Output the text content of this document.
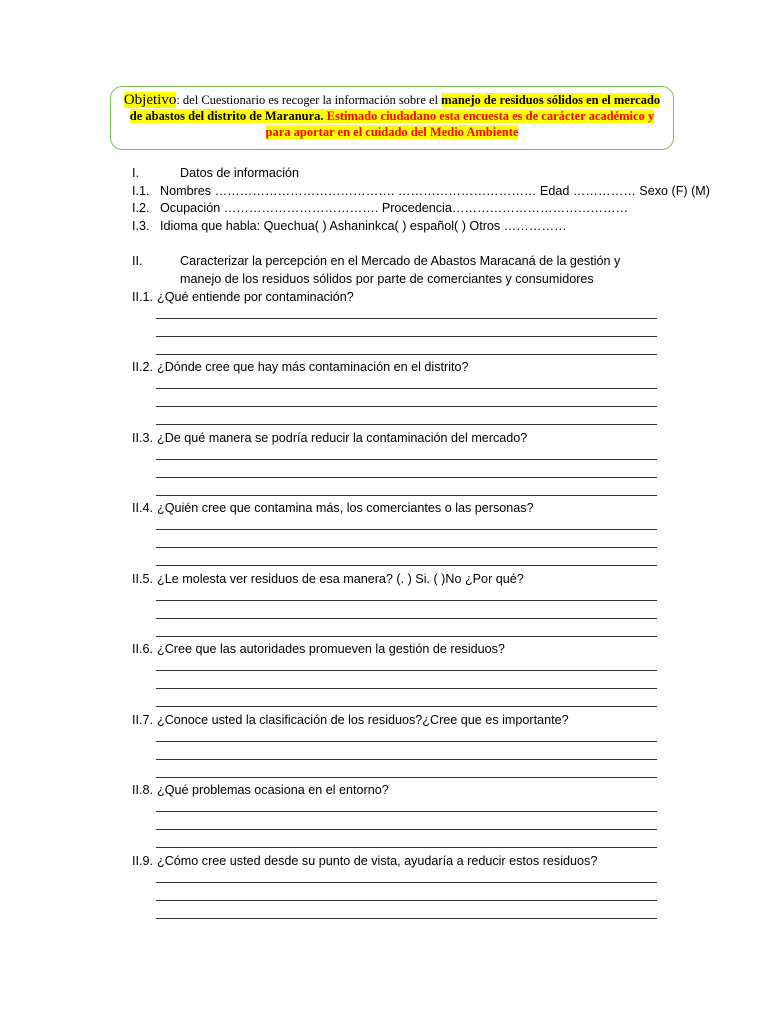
Objetivo: del Cuestionario es recoger la información sobre el manejo de residuos sólidos en el mercado de abastos del distrito de Maranura. Estimado ciudadano esta encuesta es de carácter académico y para aportar en el cuidado del Medio Ambiente
I.	Datos de información
I.1. Nombres ……………………………………. …………………………… Edad …………… Sexo (F) (M)
I.2. Ocupación ………………………………. Procedencia……………………………………
I.3. Idioma que habla: Quechua( ) Ashaninkca( ) español( ) Otros ……………
II.	Caracterizar la percepción en el Mercado de Abastos Maracaná de la gestión y
manejo de los residuos sólidos por parte de comerciantes y consumidores
II.1. ¿Qué entiende por contaminación?
II.2. ¿Dónde cree que hay más contaminación en el distrito?
II.3. ¿De qué manera se podría reducir la contaminación del mercado?
II.4. ¿Quién cree que contamina más, los comerciantes o las personas?
II.5. ¿Le molesta ver residuos de esa manera? (. ) Si. ( )No ¿Por qué?
II.6. ¿Cree que las autoridades promueven la gestión de residuos?
II.7. ¿Conoce usted la clasificación de los residuos?¿Cree que es importante?
II.8. ¿Qué problemas ocasiona en el entorno?
II.9. ¿Cómo cree usted desde su punto de vista, ayudaría a reducir estos residuos?
